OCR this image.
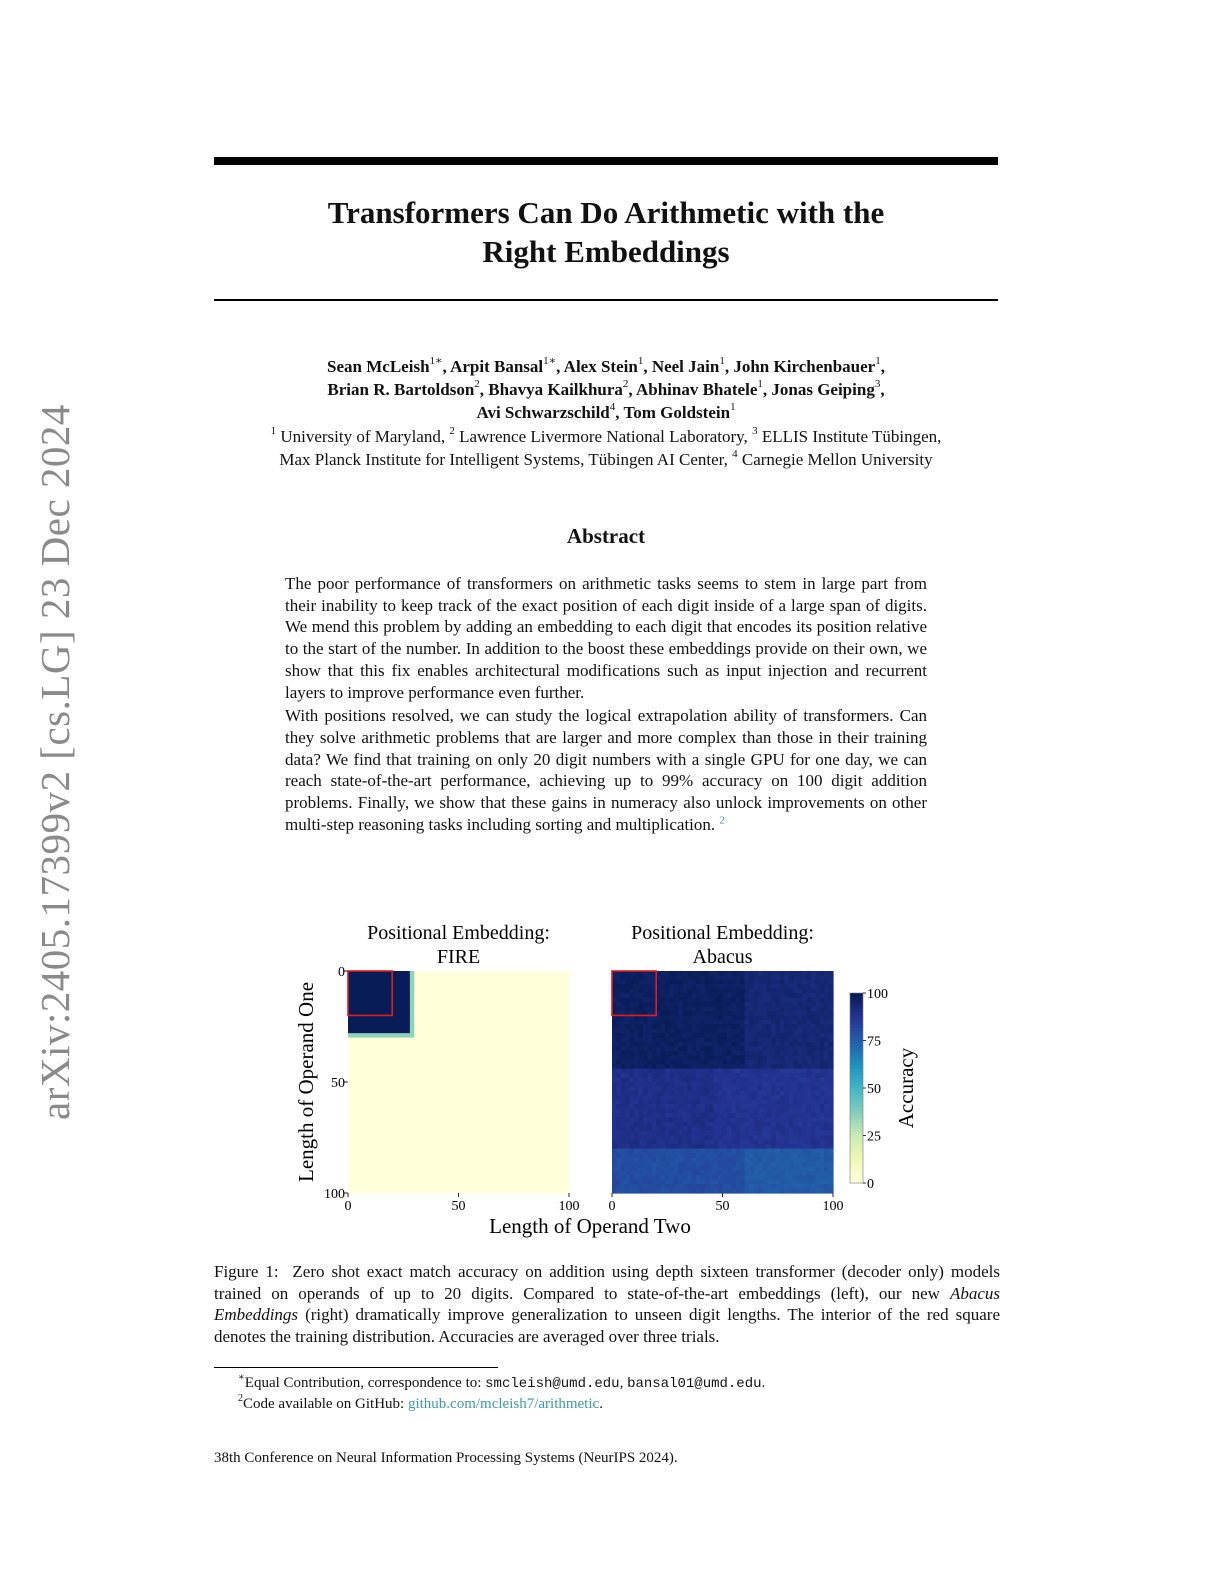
arXiv:2405.17399v2 [cs.LG] 23 Dec 2024
Transformers Can Do Arithmetic with the
Right Embeddings
Sean McLeish$^{1∗}$, Arpit Bansal$^{1∗}$, Alex Stein$^1$, Neel Jain$^1$, John Kirchenbauer$^1$,
Brian R. Bartoldson$^2$, Bhavya Kailkhura$^2$, Abhinav Bhatele$^1$, Jonas Geiping$^3$,
Avi Schwarzschild$^4$, Tom Goldstein$^1$
$^1$ University of Maryland, $^2$ Lawrence Livermore National Laboratory, $^3$ ELLIS Institute Tübingen,
Max Planck Institute for Intelligent Systems, Tübingen AI Center, $^4$ Carnegie Mellon University
Abstract

The poor performance of transformers on arithmetic tasks seems to stem in large part from their inability to keep track of the exact position of each digit inside of a large span of digits. We mend this problem by adding an embedding to each digit that encodes its position relative to the start of the number. In addition to the boost these embeddings provide on their own, we show that this fix enables architectural modifications such as input injection and recurrent layers to improve performance even further.

With positions resolved, we can study the logical extrapolation ability of transformers. Can they solve arithmetic problems that are larger and more complex than those in their training data? We find that training on only 20 digit numbers with a single GPU for one day, we can reach state-of-the-art performance, achieving up to 99% accuracy on 100 digit addition problems. Finally, we show that these gains in numeracy also unlock improvements on other multi-step reasoning tasks including sorting and multiplication. $^2$

Positional Embedding:
FIRE
0	50	100
0
50
100
Positional Embedding:
Abacus
0	50	100
Length of Operand Two
Length of Operand One
0
25
50
75
100
Accuracy
Figure 1: Zero shot exact match accuracy on addition using depth sixteen transformer (decoder only) models trained on operands of up to 20 digits. Compared to state-of-the-art embeddings (left), our new Abacus Embeddings (right) dramatically improve generalization to unseen digit lengths. The interior of the red square denotes the training distribution. Accuracies are averaged over three trials.
∗Equal Contribution, correspondence to: smcleish@umd.edu, bansal01@umd.edu.
$^2$Code available on GitHub: github.com/mcleish7/arithmetic.
38th Conference on Neural Information Processing Systems (NeurIPS 2024).
